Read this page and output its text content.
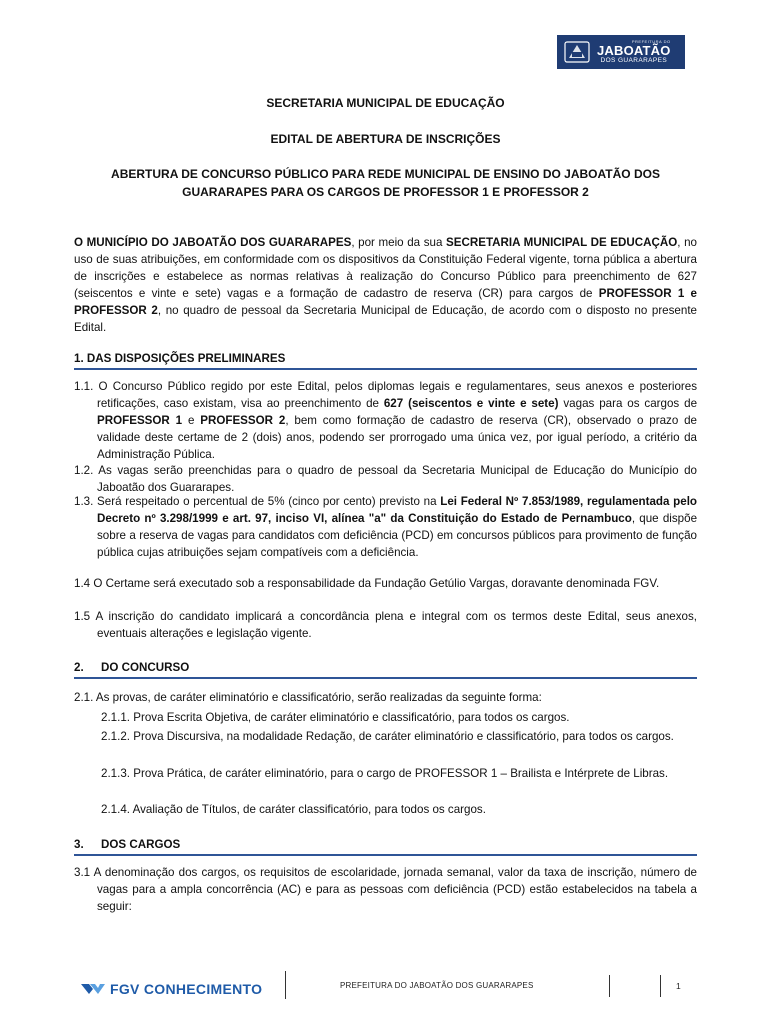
PREFEITURA DO
JABOATÃO
DOS GUARARAPES
SECRETARIA MUNICIPAL DE EDUCAÇÃO
EDITAL DE ABERTURA DE INSCRIÇÕES
ABERTURA DE CONCURSO PÚBLICO PARA REDE MUNICIPAL DE ENSINO DO JABOATÃO DOS
GUARARAPES PARA OS CARGOS DE PROFESSOR 1 E PROFESSOR 2
O MUNICÍPIO DO JABOATÃO DOS GUARARAPES, por meio da sua SECRETARIA MUNICIPAL DE EDUCAÇÃO, no uso de suas atribuições, em conformidade com os dispositivos da Constituição Federal vigente, torna pública a abertura de inscrições e estabelece as normas relativas à realização do Concurso Público para preenchimento de 627 (seiscentos e vinte e sete) vagas e a formação de cadastro de reserva (CR) para cargos de PROFESSOR 1 e PROFESSOR 2, no quadro de pessoal da Secretaria Municipal de Educação, de acordo com o disposto no presente Edital.
1. DAS DISPOSIÇÕES PRELIMINARES
1.1. O Concurso Público regido por este Edital, pelos diplomas legais e regulamentares, seus anexos e posteriores retificações, caso existam, visa ao preenchimento de 627 (seiscentos e vinte e sete) vagas para os cargos de PROFESSOR 1 e PROFESSOR 2, bem como formação de cadastro de reserva (CR), observado o prazo de validade deste certame de 2 (dois) anos, podendo ser prorrogado uma única vez, por igual período, a critério da Administração Pública.
1.2. As vagas serão preenchidas para o quadro de pessoal da Secretaria Municipal de Educação do Município do Jaboatão dos Guararapes.
1.3. Será respeitado o percentual de 5% (cinco por cento) previsto na Lei Federal Nº 7.853/1989, regulamentada pelo Decreto nº 3.298/1999 e art. 97, inciso VI, alínea "a" da Constituição do Estado de Pernambuco, que dispõe sobre a reserva de vagas para candidatos com deficiência (PCD) em concursos públicos para provimento de função pública cujas atribuições sejam compatíveis com a deficiência.
1.4 O Certame será executado sob a responsabilidade da Fundação Getúlio Vargas, doravante denominada FGV.
1.5 A inscrição do candidato implicará a concordância plena e integral com os termos deste Edital, seus anexos, eventuais alterações e legislação vigente.
2. DO CONCURSO
2.1. As provas, de caráter eliminatório e classificatório, serão realizadas da seguinte forma:
2.1.1. Prova Escrita Objetiva, de caráter eliminatório e classificatório, para todos os cargos.
2.1.2. Prova Discursiva, na modalidade Redação, de caráter eliminatório e classificatório, para todos os cargos.
2.1.3. Prova Prática, de caráter eliminatório, para o cargo de PROFESSOR 1 – Brailista e Intérprete de Libras.
2.1.4. Avaliação de Títulos, de caráter classificatório, para todos os cargos.
3. DOS CARGOS
3.1 A denominação dos cargos, os requisitos de escolaridade, jornada semanal, valor da taxa de inscrição, número de vagas para a ampla concorrência (AC) e para as pessoas com deficiência (PCD) estão estabelecidos na tabela a seguir:
FGV CONHECIMENTO	PREFEITURA DO JABOATÃO DOS GUARARAPES	1
